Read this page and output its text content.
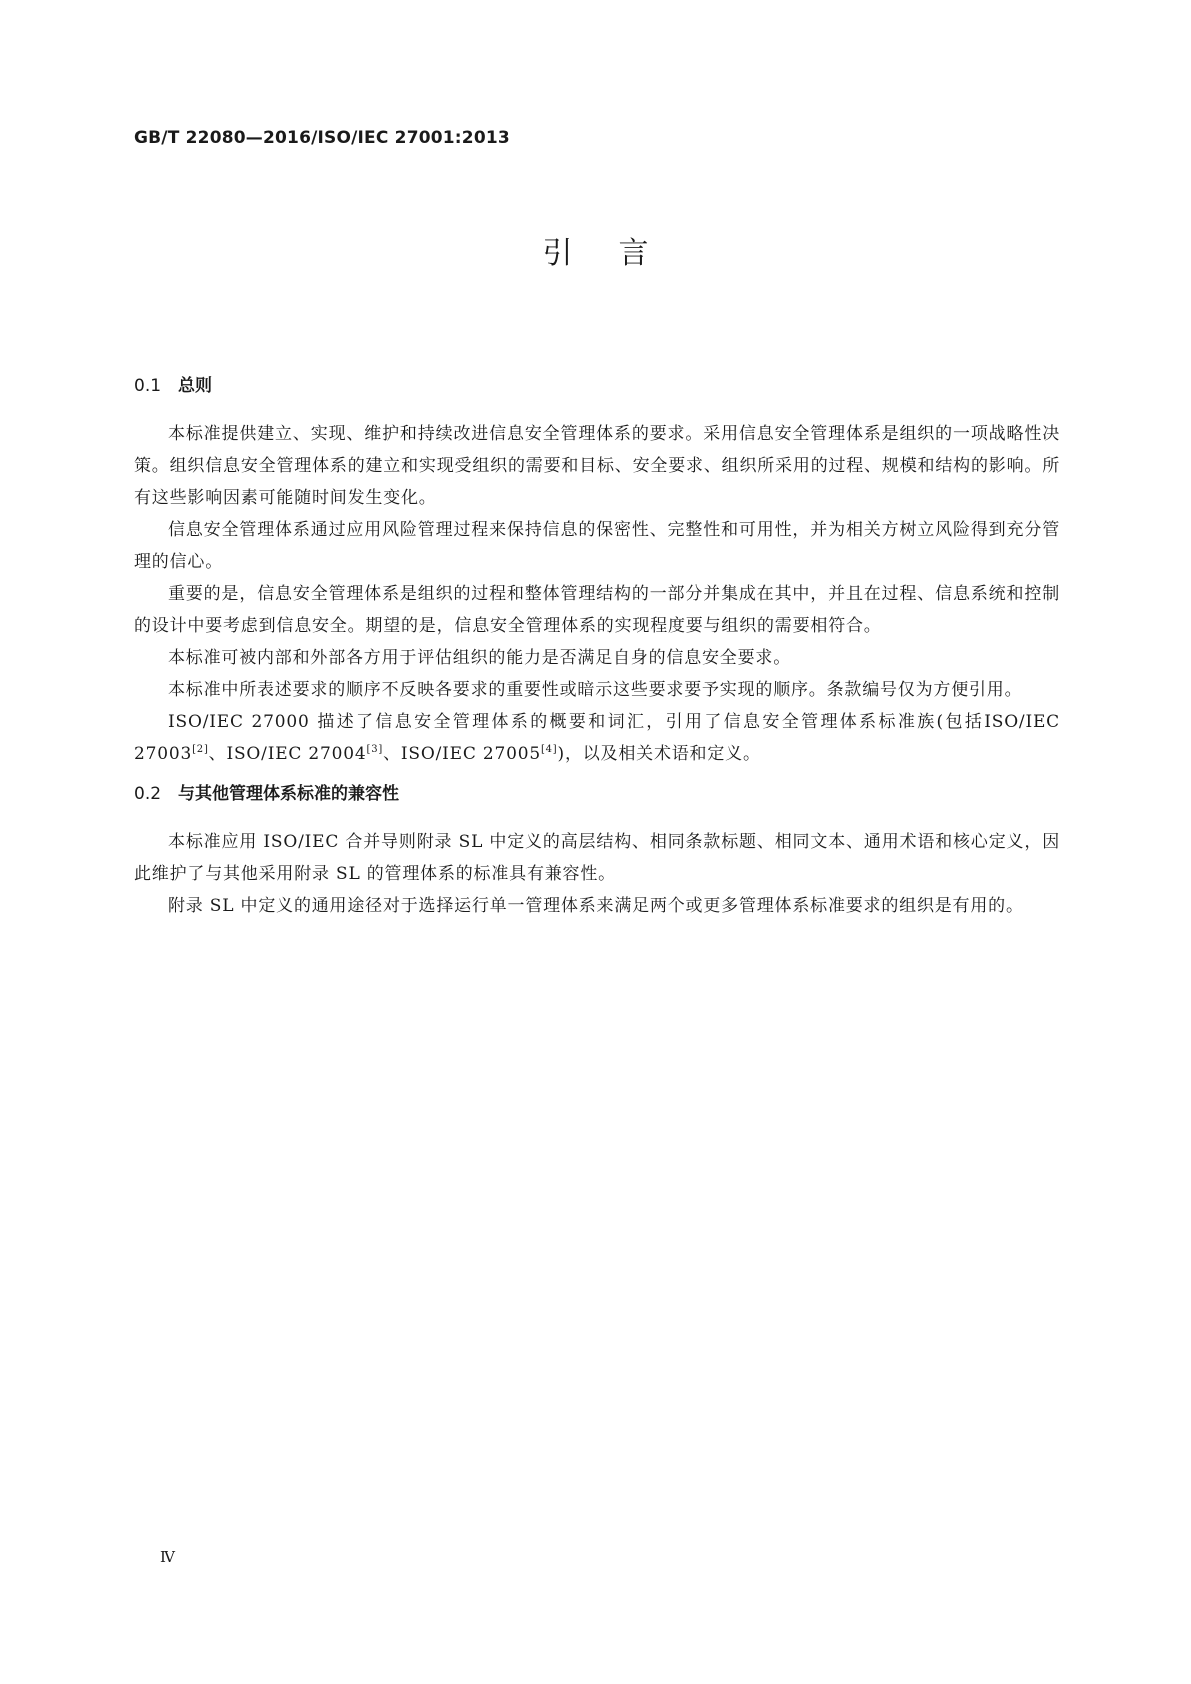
GB/T 22080—2016/ISO/IEC 27001:2013
引言
0.1 总则

本标准提供建立、实现、维护和持续改进信息安全管理体系的要求。采用信息安全管理体系是组织的一项战略性决策。组织信息安全管理体系的建立和实现受组织的需要和目标、安全要求、组织所采用的过程、规模和结构的影响。所有这些影响因素可能随时间发生变化。

信息安全管理体系通过应用风险管理过程来保持信息的保密性、完整性和可用性，并为相关方树立风险得到充分管理的信心。

重要的是，信息安全管理体系是组织的过程和整体管理结构的一部分并集成在其中，并且在过程、信息系统和控制的设计中要考虑到信息安全。期望的是，信息安全管理体系的实现程度要与组织的需要相符合。

本标准可被内部和外部各方用于评估组织的能力是否满足自身的信息安全要求。

本标准中所表述要求的顺序不反映各要求的重要性或暗示这些要求要予实现的顺序。条款编号仅为方便引用。

ISO/IEC 27000 描述了信息安全管理体系的概要和词汇，引用了信息安全管理体系标准族(包括ISO/IEC 27003[2]、ISO/IEC 27004[3]、ISO/IEC 27005[4])，以及相关术语和定义。

0.2 与其他管理体系标准的兼容性

本标准应用 ISO/IEC 合并导则附录 SL 中定义的高层结构、相同条款标题、相同文本、通用术语和核心定义，因此维护了与其他采用附录 SL 的管理体系的标准具有兼容性。

附录 SL 中定义的通用途径对于选择运行单一管理体系来满足两个或更多管理体系标准要求的组织是有用的。

Ⅳ
